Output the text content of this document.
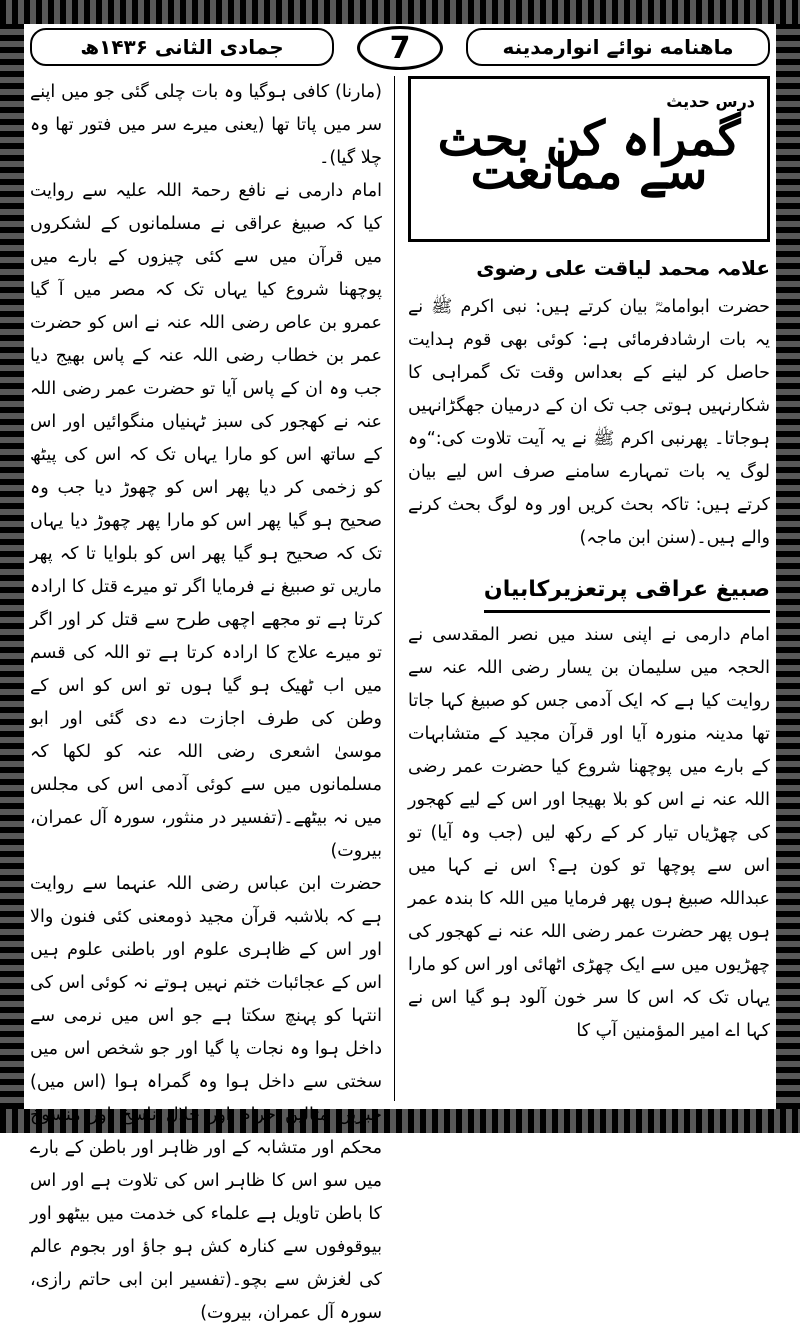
جمادی الثانی ۱۴۳۶ھ	7	ماهنامه نوائے انوارمدینه
درس حدیث
گمراہ کن بحث سے ممانعت
علامہ محمد لیاقت علی رضوی

حضرت ابوامامہؓ بیان کرتے ہیں: نبی اکرم ﷺ نے یہ بات ارشادفرمائی ہے: کوئی بھی قوم ہدایت حاصل کر لینے کے بعداس وقت تک گمراہی کا شکارنہیں ہوتی جب تک ان کے درمیان جھگڑانہیں ہوجاتا۔ پھرنبی اکرم ﷺ نے یہ آیت تلاوت کی:“وہ لوگ یہ بات تمہارے سامنے صرف اس لیے بیان کرتے ہیں: تاکہ بحث کریں اور وہ لوگ بحث کرنے والے ہیں۔(سنن ابن ماجہ)

صبیغ عراقی پرتعزیرکابیان

امام دارمی نے اپنی سند میں نصر المقدسی نے الحجہ میں سلیمان بن یسار رضی اللہ عنہ سے روایت کیا ہے کہ ایک آدمی جس کو صبیغ کہا جاتا تھا مدینہ منورہ آیا اور قرآن مجید کے متشابہات کے بارے میں پوچھنا شروع کیا حضرت عمر رضی اللہ عنہ نے اس کو بلا بھیجا اور اس کے لیے کھجور کی چھڑیاں تیار کر کے رکھ لیں (جب وہ آیا) تو اس سے پوچھا تو کون ہے؟ اس نے کہا میں عبداللہ صبیغ ہوں پھر فرمایا میں اللہ کا بندہ عمر ہوں پھر حضرت عمر رضی اللہ عنہ نے کھجور کی چھڑیوں میں سے ایک چھڑی اٹھائی اور اس کو مارا یہاں تک کہ اس کا سر خون آلود ہو گیا اس نے کہا اے امیر المؤمنین آپ کا

(مارنا) کافی ہوگیا وہ بات چلی گئی جو میں اپنے سر میں پاتا تھا (یعنی میرے سر میں فتور تھا وہ چلا گیا)۔

امام دارمی نے نافع رحمۃ اللہ علیہ سے روایت کیا کہ صبیغ عراقی نے مسلمانوں کے لشکروں میں قرآن میں سے کئی چیزوں کے بارے میں پوچھنا شروع کیا یہاں تک کہ مصر میں آ گیا عمرو بن عاص رضی اللہ عنہ نے اس کو حضرت عمر بن خطاب رضی اللہ عنہ کے پاس بھیج دیا جب وہ ان کے پاس آیا تو حضرت عمر رضی اللہ عنہ نے کھجور کی سبز ٹہنیاں منگوائیں اور اس کے ساتھ اس کو مارا یہاں تک کہ اس کی پیٹھ کو زخمی کر دیا پھر اس کو چھوڑ دیا جب وہ صحیح ہو گیا پھر اس کو مارا پھر چھوڑ دیا یہاں تک کہ صحیح ہو گیا پھر اس کو بلوایا تا کہ پھر ماریں تو صبیغ نے فرمایا اگر تو میرے قتل کا ارادہ کرتا ہے تو مجھے اچھی طرح سے قتل کر اور اگر تو میرے علاج کا ارادہ کرتا ہے تو اللہ کی قسم میں اب ٹھیک ہو گیا ہوں تو اس کو اس کے وطن کی طرف اجازت دے دی گئی اور ابو موسیٰ اشعری رضی اللہ عنہ کو لکھا کہ مسلمانوں میں سے کوئی آدمی اس کی مجلس میں نہ بیٹھے۔(تفسیر در منثور، سورہ آل عمران، بیروت)

حضرت ابن عباس رضی اللہ عنہما سے روایت ہے کہ بلاشبہ قرآن مجید ذومعنی کئی فنون والا اور اس کے ظاہری علوم اور باطنی علوم ہیں اس کے عجائبات ختم نہیں ہوتے نہ کوئی اس کی انتہا کو پہنچ سکتا ہے جو اس میں نرمی سے داخل ہوا وہ نجات پا گیا اور جو شخص اس میں سختی سے داخل ہوا وہ گمراہ ہوا (اس میں) خبریں مثالیں حرام اور حلال ناسخ اور منسوخ محکم اور متشابہ کے اور ظاہر اور باطن کے بارے میں سو اس کا ظاہر اس کی تلاوت ہے اور اس کا باطن تاویل ہے علماء کی خدمت میں بیٹھو اور بیوقوفوں سے کنارہ کش ہو جاؤ اور بجوم عالم کی لغزش سے بچو۔(تفسیر ابن ابی حاتم رازی، سورہ آل عمران، بیروت)
